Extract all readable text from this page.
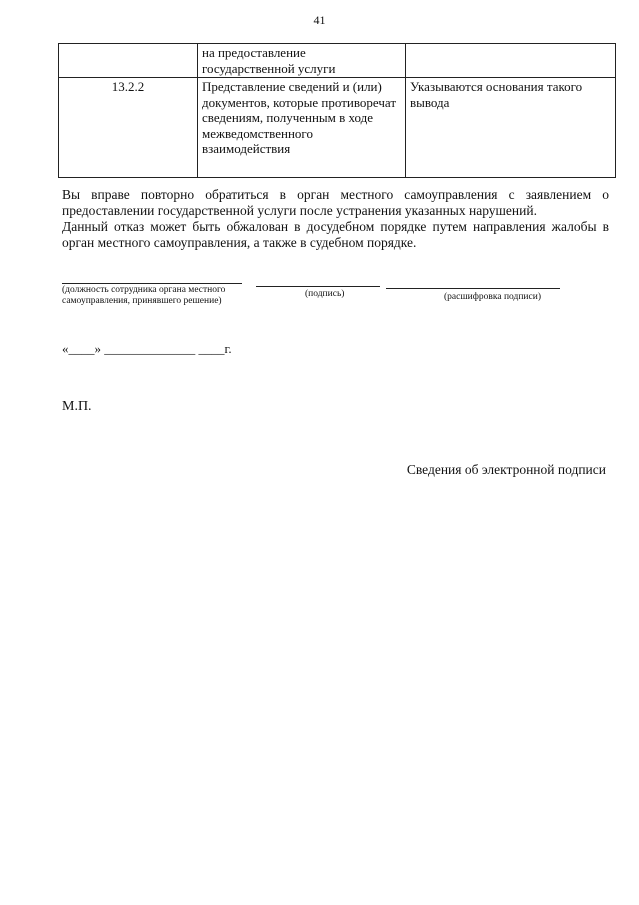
41
	на предоставление государственной услуги	
13.2.2	Представление сведений и (или) документов, которые противоречат сведениям, полученным в ходе межведомственного взаимодействия	Указываются основания такого вывода

Вы вправе повторно обратиться в орган местного самоуправления с заявлением о предоставлении государственной услуги после устранения указанных нарушений.

Данный отказ может быть обжалован в досудебном порядке путем направления жалобы в орган местного самоуправления, а также в судебном порядке.

(должность сотрудника органа местного самоуправления, принявшего решение)
(подпись)	(расшифровка подписи)
«____» ______________ ____г.
М.П.
Сведения об электронной подписи
